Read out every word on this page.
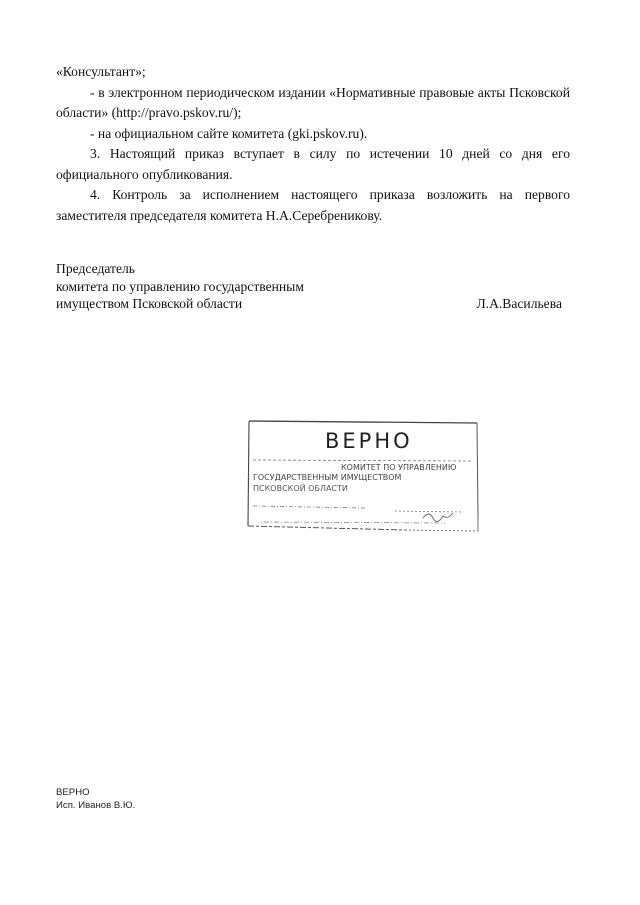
«Консультант»;

- в электронном периодическом издании «Нормативные правовые акты Псковской области» (http://pravo.pskov.ru/);

- на официальном сайте комитета (gki.pskov.ru).

3. Настоящий приказ вступает в силу по истечении 10 дней со дня его официального опубликования.

4. Контроль за исполнением настоящего приказа возложить на первого заместителя председателя комитета Н.А.Серебреникову.

Председатель
комитета по управлению государственным
имуществом Псковской области	Л.А.Васильева
ВЕРНО
КОМИТЕТ ПО УПРАВЛЕНИЮ
ГОСУДАРСТВЕННЫМ ИМУЩЕСТВОМ
ПСКОВСКОЙ ОБЛАСТИ
ВЕРНО
Исп. Иванов В.Ю.
